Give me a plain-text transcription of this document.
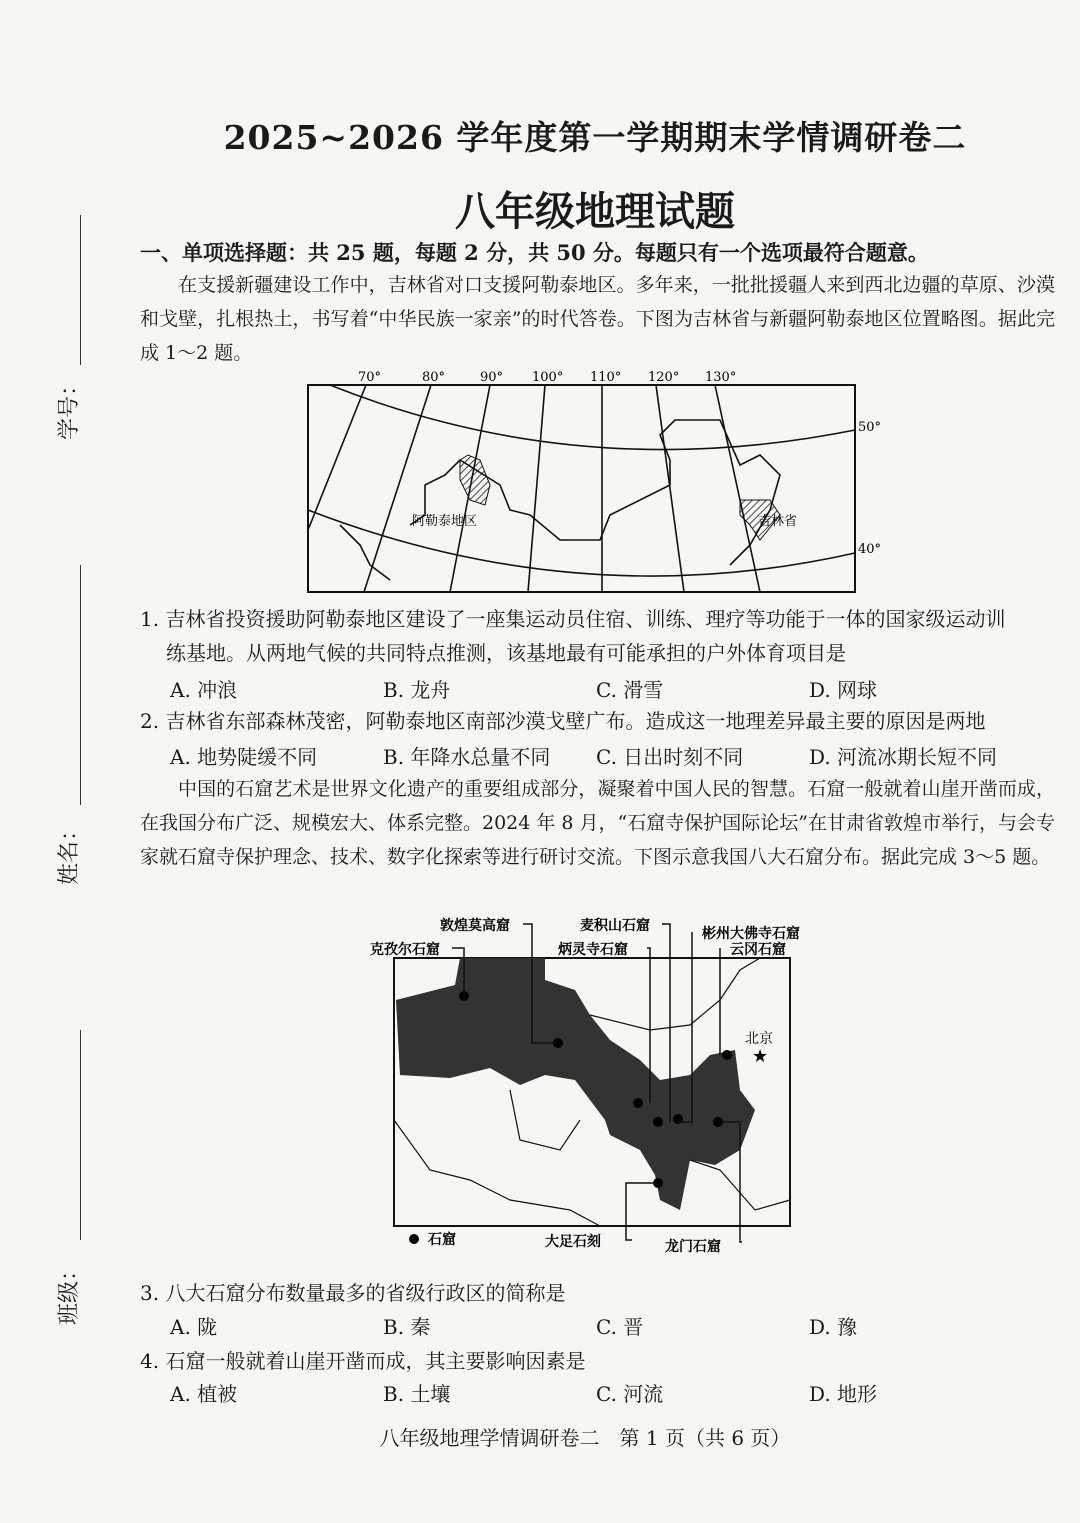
学号：
姓名：
班级：
2025~2026 学年度第一学期期末学情调研卷二
八年级地理试题
一、单项选择题：共 25 题，每题 2 分，共 50 分。每题只有一个选项最符合题意。
在支援新疆建设工作中，吉林省对口支援阿勒泰地区。多年来，一批批援疆人来到西北边疆的草原、沙漠和戈壁，扎根热土，书写着“中华民族一家亲”的时代答卷。下图为吉林省与新疆阿勒泰地区位置略图。据此完成 1～2 题。
70°	80°	90° 100° 110° 120° 130°
50°
40°
阿勒泰地区	吉林省
1. 吉林省投资援助阿勒泰地区建设了一座集运动员住宿、训练、理疗等功能于一体的国家级运动训
练基地。从两地气候的共同特点推测，该基地最有可能承担的户外体育项目是
A. 冲浪	B. 龙舟	C. 滑雪	D. 网球
2. 吉林省东部森林茂密，阿勒泰地区南部沙漠戈壁广布。造成这一地理差异最主要的原因是两地
A. 地势陡缓不同	B. 年降水总量不同	C. 日出时刻不同	D. 河流冰期长短不同
中国的石窟艺术是世界文化遗产的重要组成部分，凝聚着中国人民的智慧。石窟一般就着山崖开凿而成，在我国分布广泛、规模宏大、体系完整。2024 年 8 月，“石窟寺保护国际论坛”在甘肃省敦煌市举行，与会专家就石窟寺保护理念、技术、数字化探索等进行研讨交流。下图示意我国八大石窟分布。据此完成 3～5 题。
★
克孜尔石窟
敦煌莫高窟	麦积山石窟
炳灵寺石窟
彬州大佛寺石窟
云冈石窟
北京
大足石刻	龙门石窟
石窟
3. 八大石窟分布数量最多的省级行政区的简称是
A. 陇	B. 秦	C. 晋	D. 豫
4. 石窟一般就着山崖开凿而成，其主要影响因素是
A. 植被	B. 土壤	C. 河流	D. 地形
八年级地理学情调研卷二　第 1 页（共 6 页）
